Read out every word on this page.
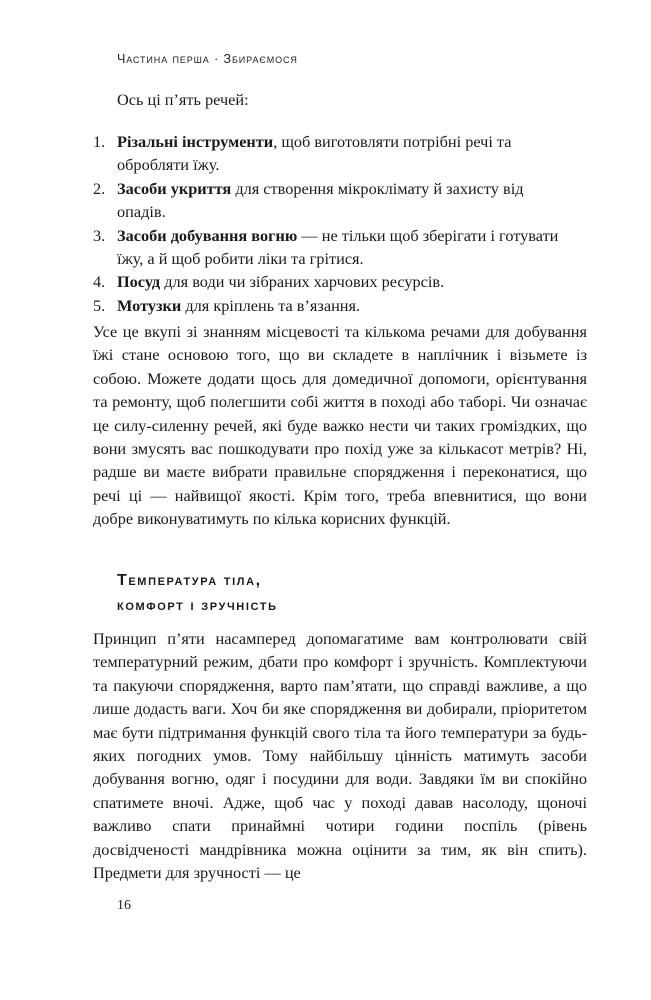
Частина перша · Збираємося

Ось ці п’ять речей:

1. Різальні інструменти, щоб виготовляти потрібні речі та обробляти їжу.
2. Засоби укриття для створення мікроклімату й захисту від опадів.
3. Засоби добування вогню — не тільки щоб зберігати і готувати їжу, а й щоб робити ліки та грітися.
4. Посуд для води чи зібраних харчових ресурсів.
5. Мотузки для кріплень та в’язання.

Усе це вкупі зі знанням місцевості та кількома речами для добування їжі стане основою того, що ви складете в наплічник і візьмете із собою. Можете додати щось для домедичної допомоги, орієнтування та ремонту, щоб полегшити собі життя в поході або таборі. Чи означає це силу-силенну речей, які буде важко нести чи таких громіздких, що вони змусять вас пошкодувати про похід уже за кількасот метрів? Ні, радше ви маєте вибрати правильне спорядження і переконатися, що речі ці — найвищої якості. Крім того, треба впевнитися, що вони добре виконуватимуть по кілька корисних функцій.

Температура тіла,
комфорт і зручність

Принцип п’яти насамперед допомагатиме вам контролювати свій температурний режим, дбати про комфорт і зручність. Комплектуючи та пакуючи спорядження, варто пам’ятати, що справді важливе, а що лише додасть ваги. Хоч би яке спорядження ви добирали, пріоритетом має бути підтримання функцій свого тіла та його температури за будь-яких погодних умов. Тому найбільшу цінність матимуть засоби добування вогню, одяг і посудини для води. Завдяки їм ви спокійно спатимете вночі. Адже, щоб час у поході давав насолоду, щоночі важливо спати принаймні чотири години поспіль (рівень досвідченості мандрівника можна оцінити за тим, як він спить). Предмети для зручності — це

16
